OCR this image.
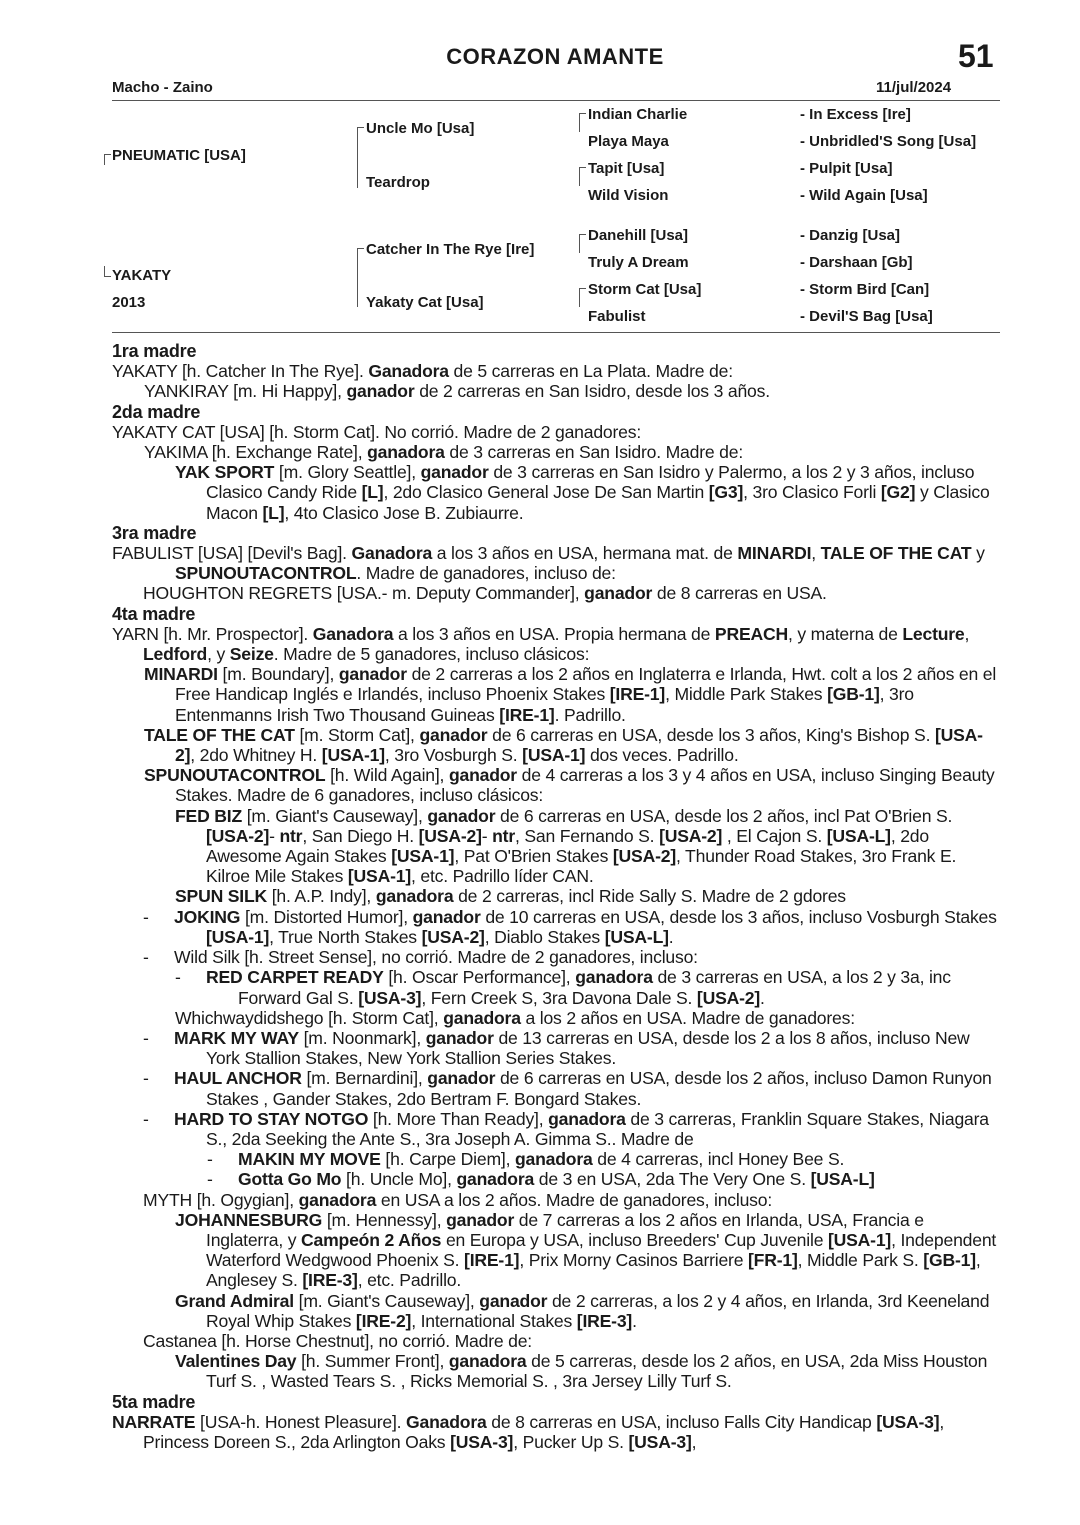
CORAZON AMANTE	51
Macho - Zaino	11/jul/2024
PNEUMATIC [USA]
YAKATY
2013
Uncle Mo [Usa]
Teardrop
Catcher In The Rye [Ire]
Yakaty Cat [Usa]
Indian Charlie
Playa Maya
Tapit [Usa]
Wild Vision
Danehill [Usa]
Truly A Dream
Storm Cat [Usa]
Fabulist
- In Excess [Ire]
- Unbridled'S Song [Usa]
- Pulpit [Usa]
- Wild Again [Usa]
- Danzig [Usa]
- Darshaan [Gb]
- Storm Bird [Can]
- Devil'S Bag [Usa]

1ra madre

YAKATY [h. Catcher In The Rye]. Ganadora de 5 carreras en La Plata. Madre de:

YANKIRAY [m. Hi Happy], ganador de 2 carreras en San Isidro, desde los 3 años.

2da madre

YAKATY CAT [USA] [h. Storm Cat]. No corrió. Madre de 2 ganadores:

YAKIMA [h. Exchange Rate], ganadora de 3 carreras en San Isidro. Madre de:

YAK SPORT [m. Glory Seattle], ganador de 3 carreras en San Isidro y Palermo, a los 2 y 3 años, incluso Clasico Candy Ride [L], 2do Clasico General Jose De San Martin [G3], 3ro Clasico Forli [G2] y Clasico Macon [L], 4to Clasico Jose B. Zubiaurre.

3ra madre

FABULIST [USA] [Devil's Bag]. Ganadora a los 3 años en USA, hermana mat. de MINARDI, TALE OF THE CAT y SPUNOUTACONTROL. Madre de ganadores, incluso de:

HOUGHTON REGRETS [USA.- m. Deputy Commander], ganador de 8 carreras en USA.

4ta madre

YARN [h. Mr. Prospector]. Ganadora a los 3 años en USA. Propia hermana de PREACH, y materna de Lecture, Ledford, y Seize. Madre de 5 ganadores, incluso clásicos:

MINARDI [m. Boundary], ganador de 2 carreras a los 2 años en Inglaterra e Irlanda, Hwt. colt a los 2 años en el Free Handicap Inglés e Irlandés, incluso Phoenix Stakes [IRE-1], Middle Park Stakes [GB-1], 3ro Entenmanns Irish Two Thousand Guineas [IRE-1]. Padrillo.

TALE OF THE CAT [m. Storm Cat], ganador de 6 carreras en USA, desde los 3 años, King's Bishop S. [USA-2], 2do Whitney H. [USA-1], 3ro Vosburgh S. [USA-1] dos veces. Padrillo.

SPUNOUTACONTROL [h. Wild Again], ganador de 4 carreras a los 3 y 4 años en USA, incluso Singing Beauty Stakes. Madre de 6 ganadores, incluso clásicos:

FED BIZ [m. Giant's Causeway], ganador de 6 carreras en USA, desde los 2 años, incl Pat O'Brien S. [USA-2]- ntr, San Diego H. [USA-2]- ntr, San Fernando S. [USA-2] , El Cajon S. [USA-L], 2do Awesome Again Stakes [USA-1], Pat O'Brien Stakes [USA-2], Thunder Road Stakes, 3ro Frank E. Kilroe Mile Stakes [USA-1], etc. Padrillo líder CAN.

SPUN SILK [h. A.P. Indy], ganadora de 2 carreras, incl Ride Sally S. Madre de 2 gdores

- JOKING [m. Distorted Humor], ganador de 10 carreras en USA, desde los 3 años, incluso Vosburgh Stakes [USA-1], True North Stakes [USA-2], Diablo Stakes [USA-L].

- Wild Silk [h. Street Sense], no corrió. Madre de 2 ganadores, incluso:

- RED CARPET READY [h. Oscar Performance], ganadora de 3 carreras en USA, a los 2 y 3a, inc Forward Gal S. [USA-3], Fern Creek S, 3ra Davona Dale S. [USA-2].

Whichwaydidshego [h. Storm Cat], ganadora a los 2 años en USA. Madre de ganadores:

- MARK MY WAY [m. Noonmark], ganador de 13 carreras en USA, desde los 2 a los 8 años, incluso New York Stallion Stakes, New York Stallion Series Stakes.

- HAUL ANCHOR [m. Bernardini], ganador de 6 carreras en USA, desde los 2 años, incluso Damon Runyon Stakes , Gander Stakes, 2do Bertram F. Bongard Stakes.

- HARD TO STAY NOTGO [h. More Than Ready], ganadora de 3 carreras, Franklin Square Stakes, Niagara S., 2da Seeking the Ante S., 3ra Joseph A. Gimma S.. Madre de

- MAKIN MY MOVE [h. Carpe Diem], ganadora de 4 carreras, incl Honey Bee S.

- Gotta Go Mo [h. Uncle Mo], ganadora de 3 en USA, 2da The Very One S. [USA-L]

MYTH [h. Ogygian], ganadora en USA a los 2 años. Madre de ganadores, incluso:

JOHANNESBURG [m. Hennessy], ganador de 7 carreras a los 2 años en Irlanda, USA, Francia e Inglaterra, y Campeón 2 Años en Europa y USA, incluso Breeders' Cup Juvenile [USA-1], Independent Waterford Wedgwood Phoenix S. [IRE-1], Prix Morny Casinos Barriere [FR-1], Middle Park S. [GB-1], Anglesey S. [IRE-3], etc. Padrillo.

Grand Admiral [m. Giant's Causeway], ganador de 2 carreras, a los 2 y 4 años, en Irlanda, 3rd Keeneland Royal Whip Stakes [IRE-2], International Stakes [IRE-3].

Castanea [h. Horse Chestnut], no corrió. Madre de:

Valentines Day [h. Summer Front], ganadora de 5 carreras, desde los 2 años, en USA, 2da Miss Houston Turf S. , Wasted Tears S. , Ricks Memorial S. , 3ra Jersey Lilly Turf S.

5ta madre

NARRATE [USA-h. Honest Pleasure]. Ganadora de 8 carreras en USA, incluso Falls City Handicap [USA-3], Princess Doreen S., 2da Arlington Oaks [USA-3], Pucker Up S. [USA-3],
